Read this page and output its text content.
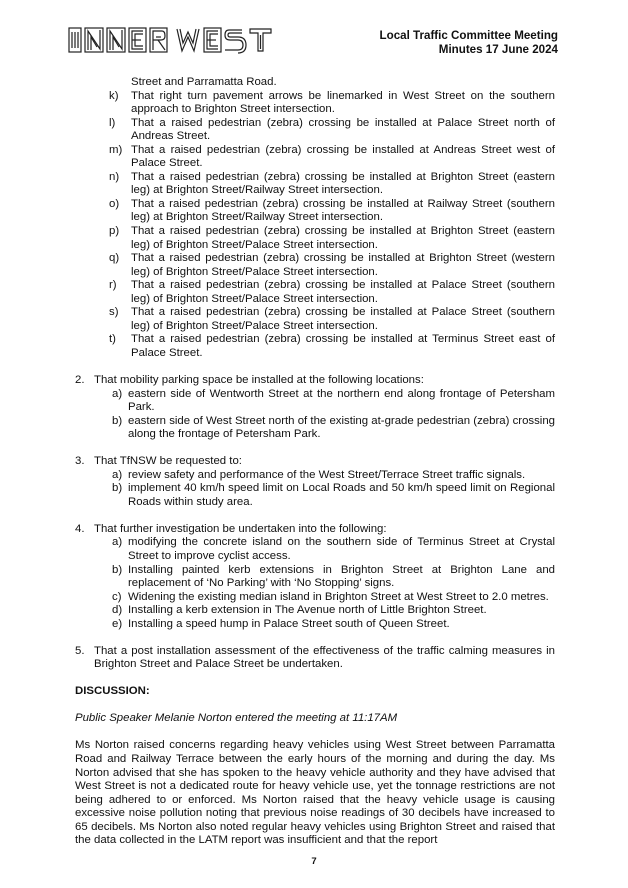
Local Traffic Committee Meeting
Minutes 17 June 2024

Street and Parramatta Road.

k) That right turn pavement arrows be linemarked in West Street on the southern approach to Brighton Street intersection.
l) That a raised pedestrian (zebra) crossing be installed at Palace Street north of Andreas Street.
m) That a raised pedestrian (zebra) crossing be installed at Andreas Street west of Palace Street.
n) That a raised pedestrian (zebra) crossing be installed at Brighton Street (eastern leg) at Brighton Street/Railway Street intersection.
o) That a raised pedestrian (zebra) crossing be installed at Railway Street (southern leg) at Brighton Street/Railway Street intersection.
p) That a raised pedestrian (zebra) crossing be installed at Brighton Street (eastern leg) of Brighton Street/Palace Street intersection.
q) That a raised pedestrian (zebra) crossing be installed at Brighton Street (western leg) of Brighton Street/Palace Street intersection.
r) That a raised pedestrian (zebra) crossing be installed at Palace Street (southern leg) of Brighton Street/Palace Street intersection.
s) That a raised pedestrian (zebra) crossing be installed at Palace Street (southern leg) of Brighton Street/Palace Street intersection.
t) That a raised pedestrian (zebra) crossing be installed at Terminus Street east of Palace Street.
2. That mobility parking space be installed at the following locations:
a) eastern side of Wentworth Street at the northern end along frontage of Petersham Park.
b) eastern side of West Street north of the existing at-grade pedestrian (zebra) crossing along the frontage of Petersham Park.
3. That TfNSW be requested to:
a) review safety and performance of the West Street/Terrace Street traffic signals.
b) implement 40 km/h speed limit on Local Roads and 50 km/h speed limit on Regional Roads within study area.
4. That further investigation be undertaken into the following:
a) modifying the concrete island on the southern side of Terminus Street at Crystal Street to improve cyclist access.
b) Installing painted kerb extensions in Brighton Street at Brighton Lane and replacement of ‘No Parking’ with ‘No Stopping’ signs.
c) Widening the existing median island in Brighton Street at West Street to 2.0 metres.
d) Installing a kerb extension in The Avenue north of Little Brighton Street.
e) Installing a speed hump in Palace Street south of Queen Street.
5. That a post installation assessment of the effectiveness of the traffic calming measures in Brighton Street and Palace Street be undertaken.

DISCUSSION:

Public Speaker Melanie Norton entered the meeting at 11:17AM

Ms Norton raised concerns regarding heavy vehicles using West Street between Parramatta Road and Railway Terrace between the early hours of the morning and during the day. Ms Norton advised that she has spoken to the heavy vehicle authority and they have advised that West Street is not a dedicated route for heavy vehicle use, yet the tonnage restrictions are not being adhered to or enforced. Ms Norton raised that the heavy vehicle usage is causing excessive noise pollution noting that previous noise readings of 30 decibels have increased to 65 decibels. Ms Norton also noted regular heavy vehicles using Brighton Street and raised that the data collected in the LATM report was insufficient and that the report

7
